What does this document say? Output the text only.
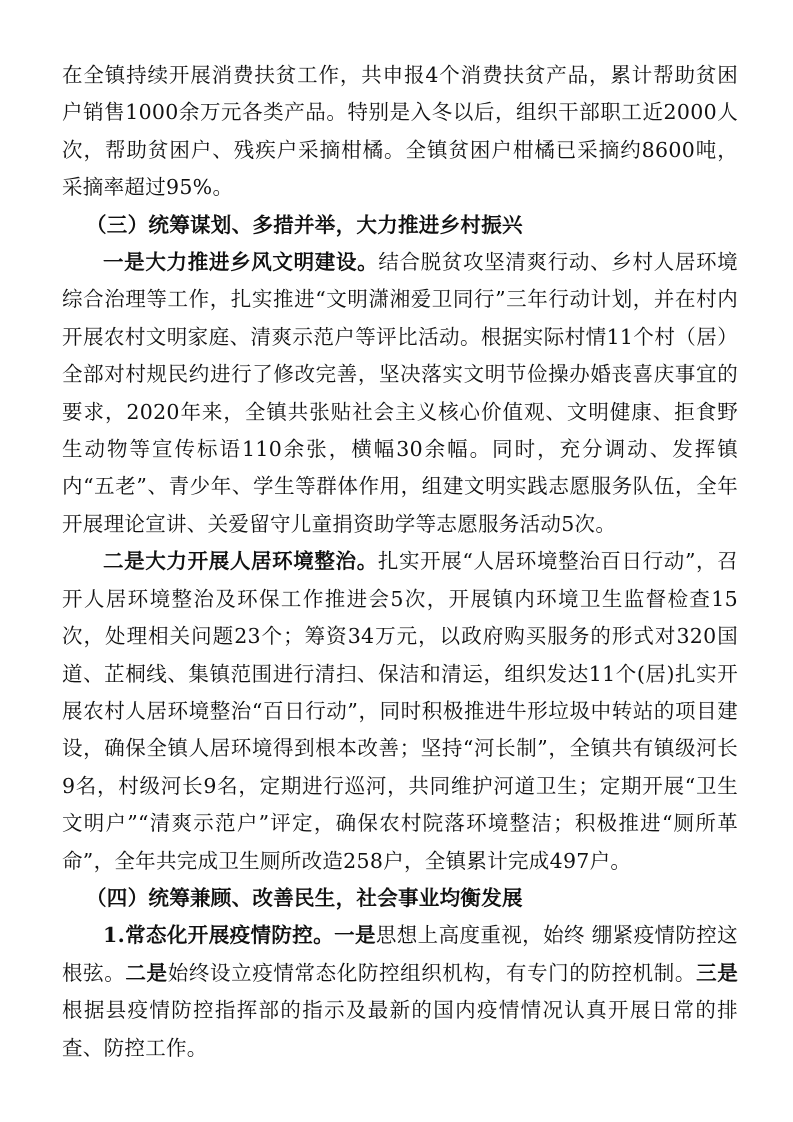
在全镇持续开展消费扶贫工作，共申报4个消费扶贫产品，累计帮助贫困户销售1000余万元各类产品。特别是入冬以后，组织干部职工近2000人次，帮助贫困户、残疾户采摘柑橘。全镇贫困户柑橘已采摘约8600吨，采摘率超过95%。

（三）统筹谋划、多措并举，大力推进乡村振兴

一是大力推进乡风文明建设。结合脱贫攻坚清爽行动、乡村人居环境综合治理等工作，扎实推进“文明潇湘爱卫同行”三年行动计划，并在村内开展农村文明家庭、清爽示范户等评比活动。根据实际村情11个村（居）全部对村规民约进行了修改完善，坚决落实文明节俭操办婚丧喜庆事宜的要求，2020年来，全镇共张贴社会主义核心价值观、文明健康、拒食野生动物等宣传标语110余张，横幅30余幅。同时，充分调动、发挥镇内“五老”、青少年、学生等群体作用，组建文明实践志愿服务队伍，全年开展理论宣讲、关爱留守儿童捐资助学等志愿服务活动5次。

二是大力开展人居环境整治。扎实开展“人居环境整治百日行动”，召开人居环境整治及环保工作推进会5次，开展镇内环境卫生监督检查15次，处理相关问题23个；筹资34万元，以政府购买服务的形式对320国道、芷桐线、集镇范围进行清扫、保洁和清运，组织发达11个(居)扎实开展农村人居环境整治“百日行动”，同时积极推进牛形垃圾中转站的项目建设，确保全镇人居环境得到根本改善；坚持“河长制”，全镇共有镇级河长9名，村级河长9名，定期进行巡河，共同维护河道卫生；定期开展“卫生文明户”“清爽示范户”评定，确保农村院落环境整洁；积极推进“厕所革命”，全年共完成卫生厕所改造258户，全镇累计完成497户。

（四）统筹兼顾、改善民生，社会事业均衡发展

1.常态化开展疫情防控。一是思想上高度重视，始终 绷紧疫情防控这根弦。二是始终设立疫情常态化防控组织机构，有专门的防控机制。三是根据县疫情防控指挥部的指示及最新的国内疫情情况认真开展日常的排查、防控工作。
